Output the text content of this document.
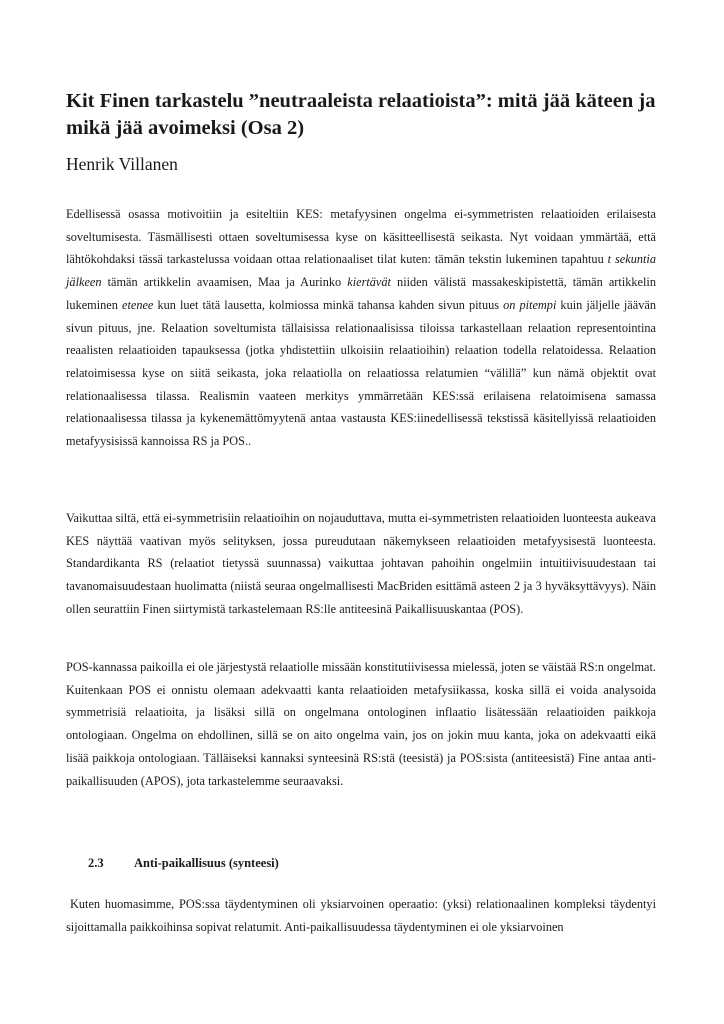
Kit Finen tarkastelu ”neutraaleista relaatioista”: mitä jää käteen ja mikä jää avoimeksi (Osa 2)

Henrik Villanen

Edellisessä osassa motivoitiin ja esiteltiin KES: metafyysinen ongelma ei-symmetristen relaatioiden erilaisesta soveltumisesta. Täsmällisesti ottaen soveltumisessa kyse on käsitteellisestä seikasta. Nyt voidaan ymmärtää, että lähtökohdaksi tässä tarkastelussa voidaan ottaa relationaaliset tilat kuten: tämän tekstin lukeminen tapahtuu t sekuntia jälkeen tämän artikkelin avaamisen, Maa ja Aurinko kiertävät niiden välistä massakeskipistettä, tämän artikkelin lukeminen etenee kun luet tätä lausetta, kolmiossa minkä tahansa kahden sivun pituus on pitempi kuin jäljelle jäävän sivun pituus, jne. Relaation soveltumista tällaisissa relationaalisissa tiloissa tarkastellaan relaation representointina reaalisten relaatioiden tapauksessa (jotka yhdistettiin ulkoisiin relaatioihin) relaation todella relatoidessa. Relaation relatoimisessa kyse on siitä seikasta, joka relaatiolla on relaatiossa relatumien “välillä” kun nämä objektit ovat relationaalisessa tilassa. Realismin vaateen merkitys ymmärretään KES:ssä erilaisena relatoimisena samassa relationaalisessa tilassa ja kykenemättömyytenä antaa vastausta KES:iinedellisessä tekstissä käsitellyissä relaatioiden metafyysisissä kannoissa RS ja POS..

Vaikuttaa siltä, että ei-symmetrisiin relaatioihin on nojauduttava, mutta ei-symmetristen relaatioiden luonteesta aukeava KES näyttää vaativan myös selityksen, jossa pureudutaan näkemykseen relaatioiden metafyysisestä luonteesta. Standardikanta RS (relaatiot tietyssä suunnassa) vaikuttaa johtavan pahoihin ongelmiin intuitiivisuudestaan tai tavanomaisuudestaan huolimatta (niistä seuraa ongelmallisesti MacBriden esittämä asteen 2 ja 3 hyväksyttävyys). Näin ollen seurattiin Finen siirtymistä tarkastelemaan RS:lle antiteesinä Paikallisuuskantaa (POS).

POS-kannassa paikoilla ei ole järjestystä relaatiolle missään konstitutiivisessa mielessä, joten se väistää RS:n ongelmat. Kuitenkaan POS ei onnistu olemaan adekvaatti kanta relaatioiden metafysiikassa, koska sillä ei voida analysoida symmetrisiä relaatioita, ja lisäksi sillä on ongelmana ontologinen inflaatio lisätessään relaatioiden paikkoja ontologiaan. Ongelma on ehdollinen, sillä se on aito ongelma vain, jos on jokin muu kanta, joka on adekvaatti eikä lisää paikkoja ontologiaan. Tälläiseksi kannaksi synteesinä RS:stä (teesistä) ja POS:sista (antiteesistä) Fine antaa anti-paikallisuuden (APOS), jota tarkastelemme seuraavaksi.

2.3 Anti-paikallisuus (synteesi)

Kuten huomasimme, POS:ssa täydentyminen oli yksiarvoinen operaatio: (yksi) relationaalinen kompleksi täydentyi sijoittamalla paikkoihinsa sopivat relatumit. Anti-paikallisuudessa täydentyminen ei ole yksiarvoinen
